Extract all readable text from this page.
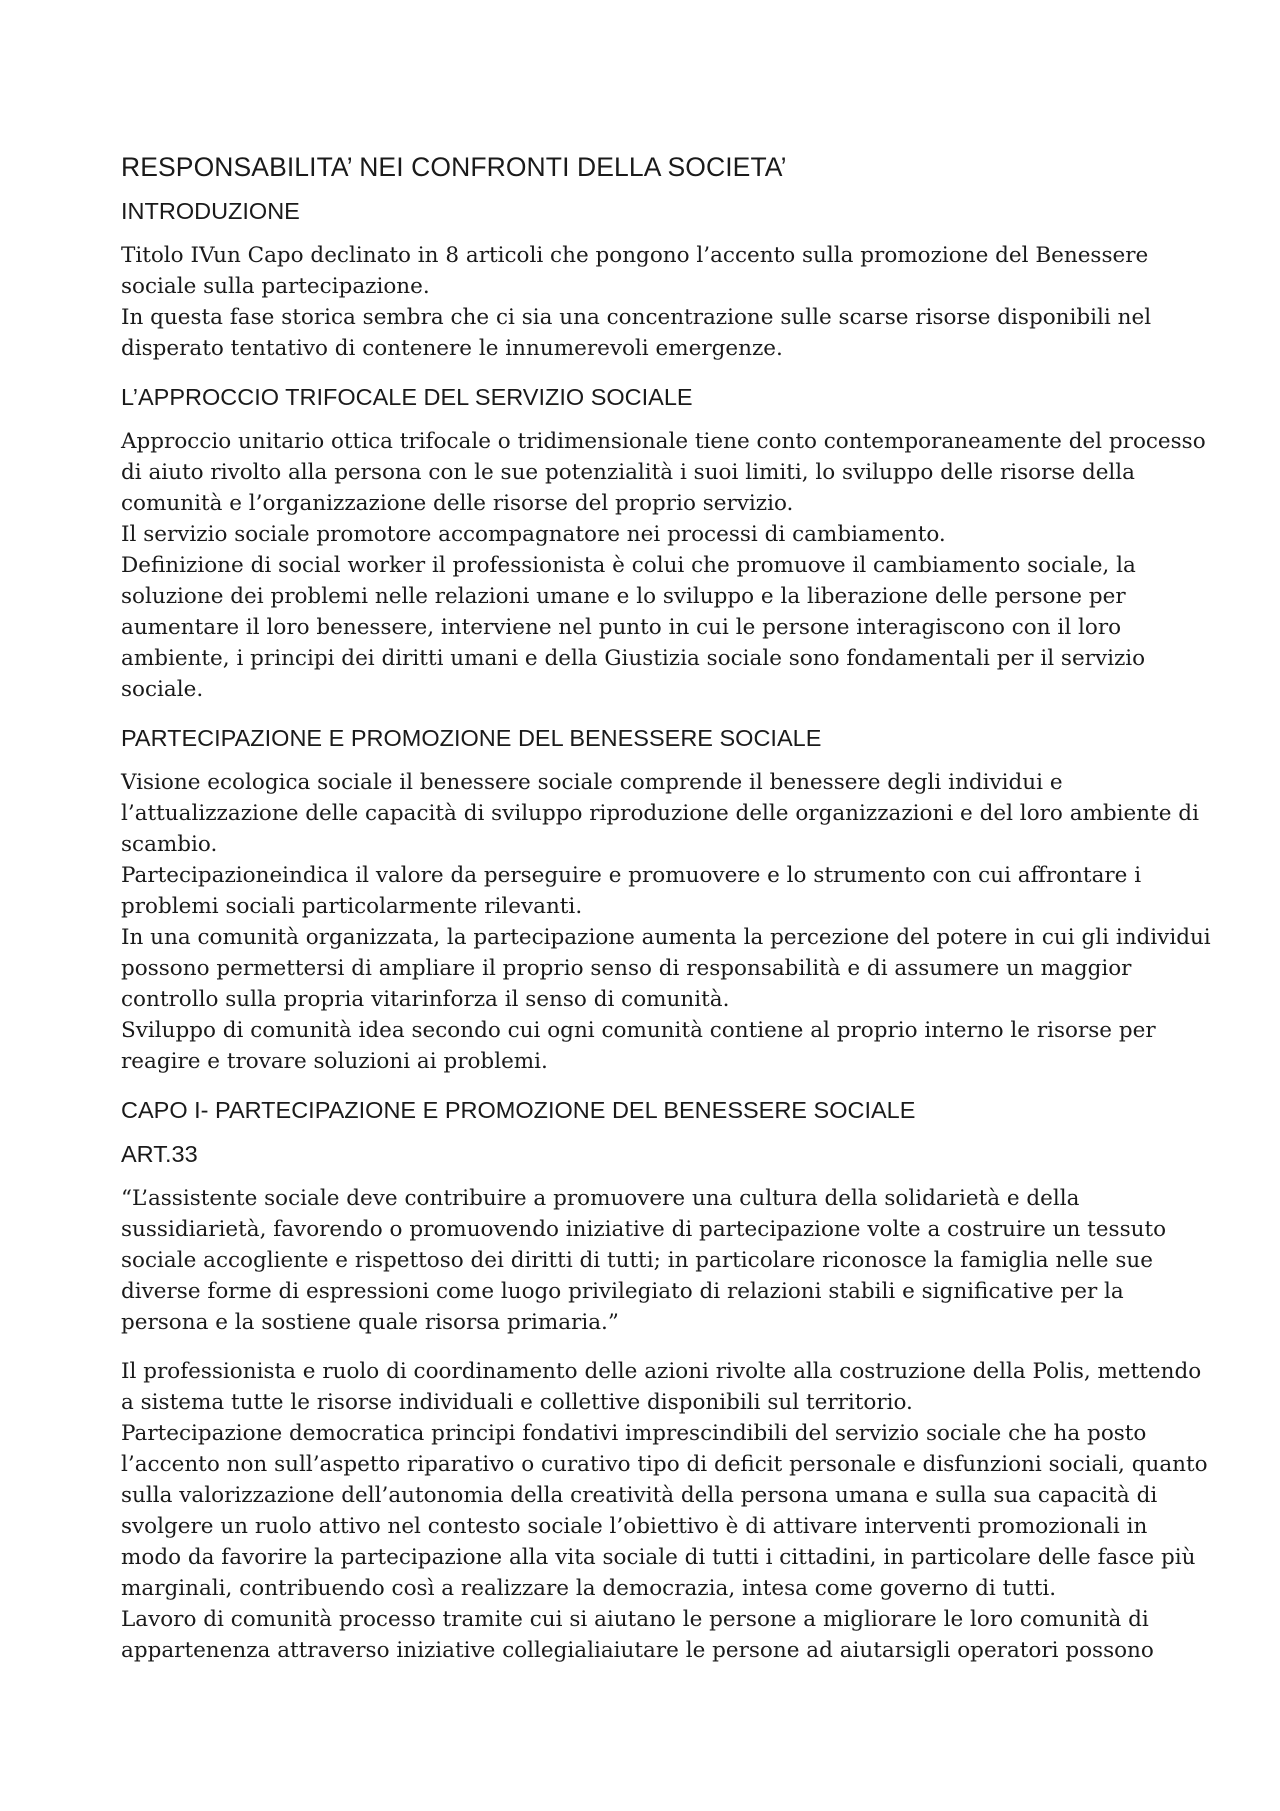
RESPONSABILITA’ NEI CONFRONTI DELLA SOCIETA’
INTRODUZIONE
Titolo IVun Capo declinato in 8 articoli che pongono l’accento sulla promozione del Benessere
sociale sulla partecipazione.
In questa fase storica sembra che ci sia una concentrazione sulle scarse risorse disponibili nel
disperato tentativo di contenere le innumerevoli emergenze.
L’APPROCCIO TRIFOCALE DEL SERVIZIO SOCIALE
Approccio unitario ottica trifocale o tridimensionale tiene conto contemporaneamente del processo
di aiuto rivolto alla persona con le sue potenzialità i suoi limiti, lo sviluppo delle risorse della
comunità e l’organizzazione delle risorse del proprio servizio.
Il servizio sociale promotore accompagnatore nei processi di cambiamento.
Definizione di social worker il professionista è colui che promuove il cambiamento sociale, la
soluzione dei problemi nelle relazioni umane e lo sviluppo e la liberazione delle persone per
aumentare il loro benessere, interviene nel punto in cui le persone interagiscono con il loro
ambiente, i principi dei diritti umani e della Giustizia sociale sono fondamentali per il servizio
sociale.
PARTECIPAZIONE E PROMOZIONE DEL BENESSERE SOCIALE
Visione ecologica sociale il benessere sociale comprende il benessere degli individui e
l’attualizzazione delle capacità di sviluppo riproduzione delle organizzazioni e del loro ambiente di
scambio.
Partecipazioneindica il valore da perseguire e promuovere e lo strumento con cui affrontare i
problemi sociali particolarmente rilevanti.
In una comunità organizzata, la partecipazione aumenta la percezione del potere in cui gli individui
possono permettersi di ampliare il proprio senso di responsabilità e di assumere un maggior
controllo sulla propria vitarinforza il senso di comunità.
Sviluppo di comunità idea secondo cui ogni comunità contiene al proprio interno le risorse per
reagire e trovare soluzioni ai problemi.
CAPO I- PARTECIPAZIONE E PROMOZIONE DEL BENESSERE SOCIALE
ART.33
“L’assistente sociale deve contribuire a promuovere una cultura della solidarietà e della
sussidiarietà, favorendo o promuovendo iniziative di partecipazione volte a costruire un tessuto
sociale accogliente e rispettoso dei diritti di tutti; in particolare riconosce la famiglia nelle sue
diverse forme di espressioni come luogo privilegiato di relazioni stabili e significative per la
persona e la sostiene quale risorsa primaria.”
Il professionista e ruolo di coordinamento delle azioni rivolte alla costruzione della Polis, mettendo
a sistema tutte le risorse individuali e collettive disponibili sul territorio.
Partecipazione democratica principi fondativi imprescindibili del servizio sociale che ha posto
l’accento non sull’aspetto riparativo o curativo tipo di deficit personale e disfunzioni sociali, quanto
sulla valorizzazione dell’autonomia della creatività della persona umana e sulla sua capacità di
svolgere un ruolo attivo nel contesto sociale l’obiettivo è di attivare interventi promozionali in
modo da favorire la partecipazione alla vita sociale di tutti i cittadini, in particolare delle fasce più
marginali, contribuendo così a realizzare la democrazia, intesa come governo di tutti.
Lavoro di comunità processo tramite cui si aiutano le persone a migliorare le loro comunità di
appartenenza attraverso iniziative collegialiaiutare le persone ad aiutarsigli operatori possono
